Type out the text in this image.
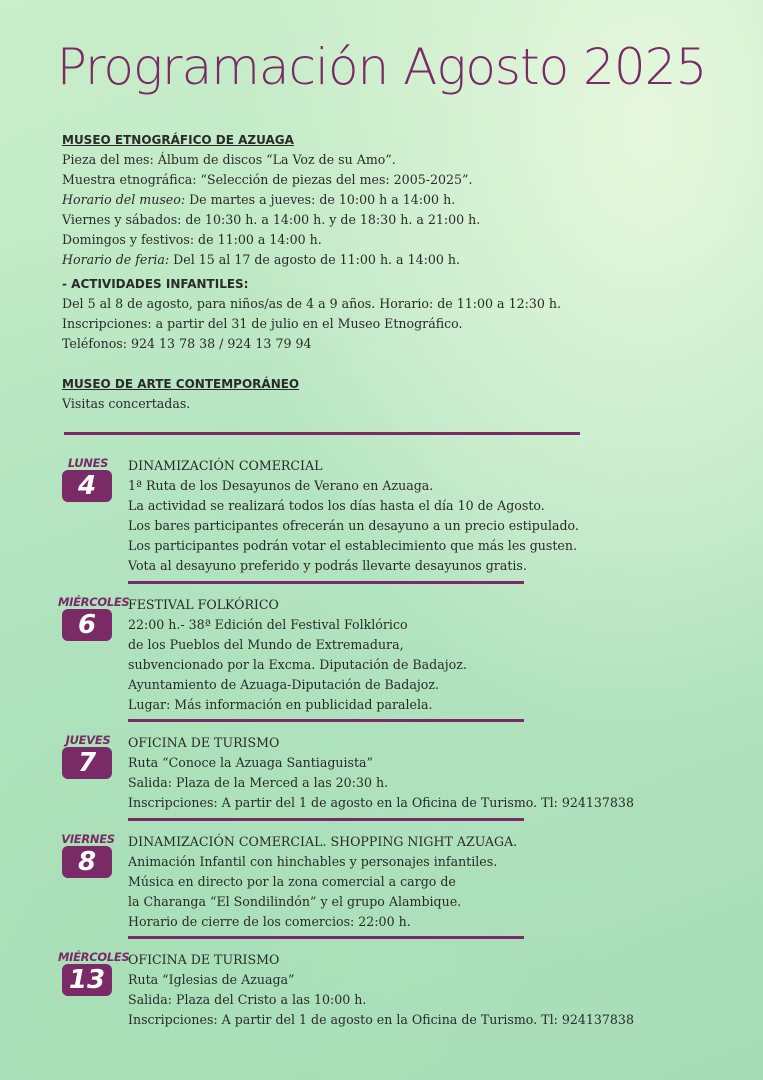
Programación Agosto 2025
MUSEO ETNOGRÁFICO DE AZUAGA
Pieza del mes: Álbum de discos “La Voz de su Amo”.
Muestra etnográfica: “Selección de piezas del mes: 2005-2025”.
Horario del museo: De martes a jueves: de 10:00 h a 14:00 h.
Viernes y sábados: de 10:30 h. a 14:00 h. y de 18:30 h. a 21:00 h.
Domingos y festivos: de 11:00 a 14:00 h.
Horario de feria: Del 15 al 17 de agosto de 11:00 h. a 14:00 h.
- ACTIVIDADES INFANTILES:
Del 5 al 8 de agosto, para niños/as de 4 a 9 años. Horario: de 11:00 a 12:30 h.
Inscripciones: a partir del 31 de julio en el Museo Etnográfico.
Teléfonos: 924 13 78 38 / 924 13 79 94
MUSEO DE ARTE CONTEMPORÁNEO
Visitas concertadas.
LUNES
4
DINAMIZACIÓN COMERCIAL
1ª Ruta de los Desayunos de Verano en Azuaga.
La actividad se realizará todos los días hasta el día 10 de Agosto.
Los bares participantes ofrecerán un desayuno a un precio estipulado.
Los participantes podrán votar el establecimiento que más les gusten.
Vota al desayuno preferido y podrás llevarte desayunos gratis.
MIÉRCOLES
6
FESTIVAL FOLKÓRICO
22:00 h.- 38ª Edición del Festival Folklórico
de los Pueblos del Mundo de Extremadura,
subvencionado por la Excma. Diputación de Badajoz.
Ayuntamiento de Azuaga-Diputación de Badajoz.
Lugar: Más información en publicidad paralela.
JUEVES
7
OFICINA DE TURISMO
Ruta “Conoce la Azuaga Santiaguista”
Salida: Plaza de la Merced a las 20:30 h.
Inscripciones: A partir del 1 de agosto en la Oficina de Turismo. Tl: 924137838
VIERNES
8
DINAMIZACIÓN COMERCIAL. SHOPPING NIGHT AZUAGA.
Animación Infantil con hinchables y personajes infantiles.
Música en directo por la zona comercial a cargo de
la Charanga “El Sondilindón” y el grupo Alambique.
Horario de cierre de los comercios: 22:00 h.
MIÉRCOLES
13
OFICINA DE TURISMO
Ruta “Iglesias de Azuaga”
Salida: Plaza del Cristo a las 10:00 h.
Inscripciones: A partir del 1 de agosto en la Oficina de Turismo. Tl: 924137838
